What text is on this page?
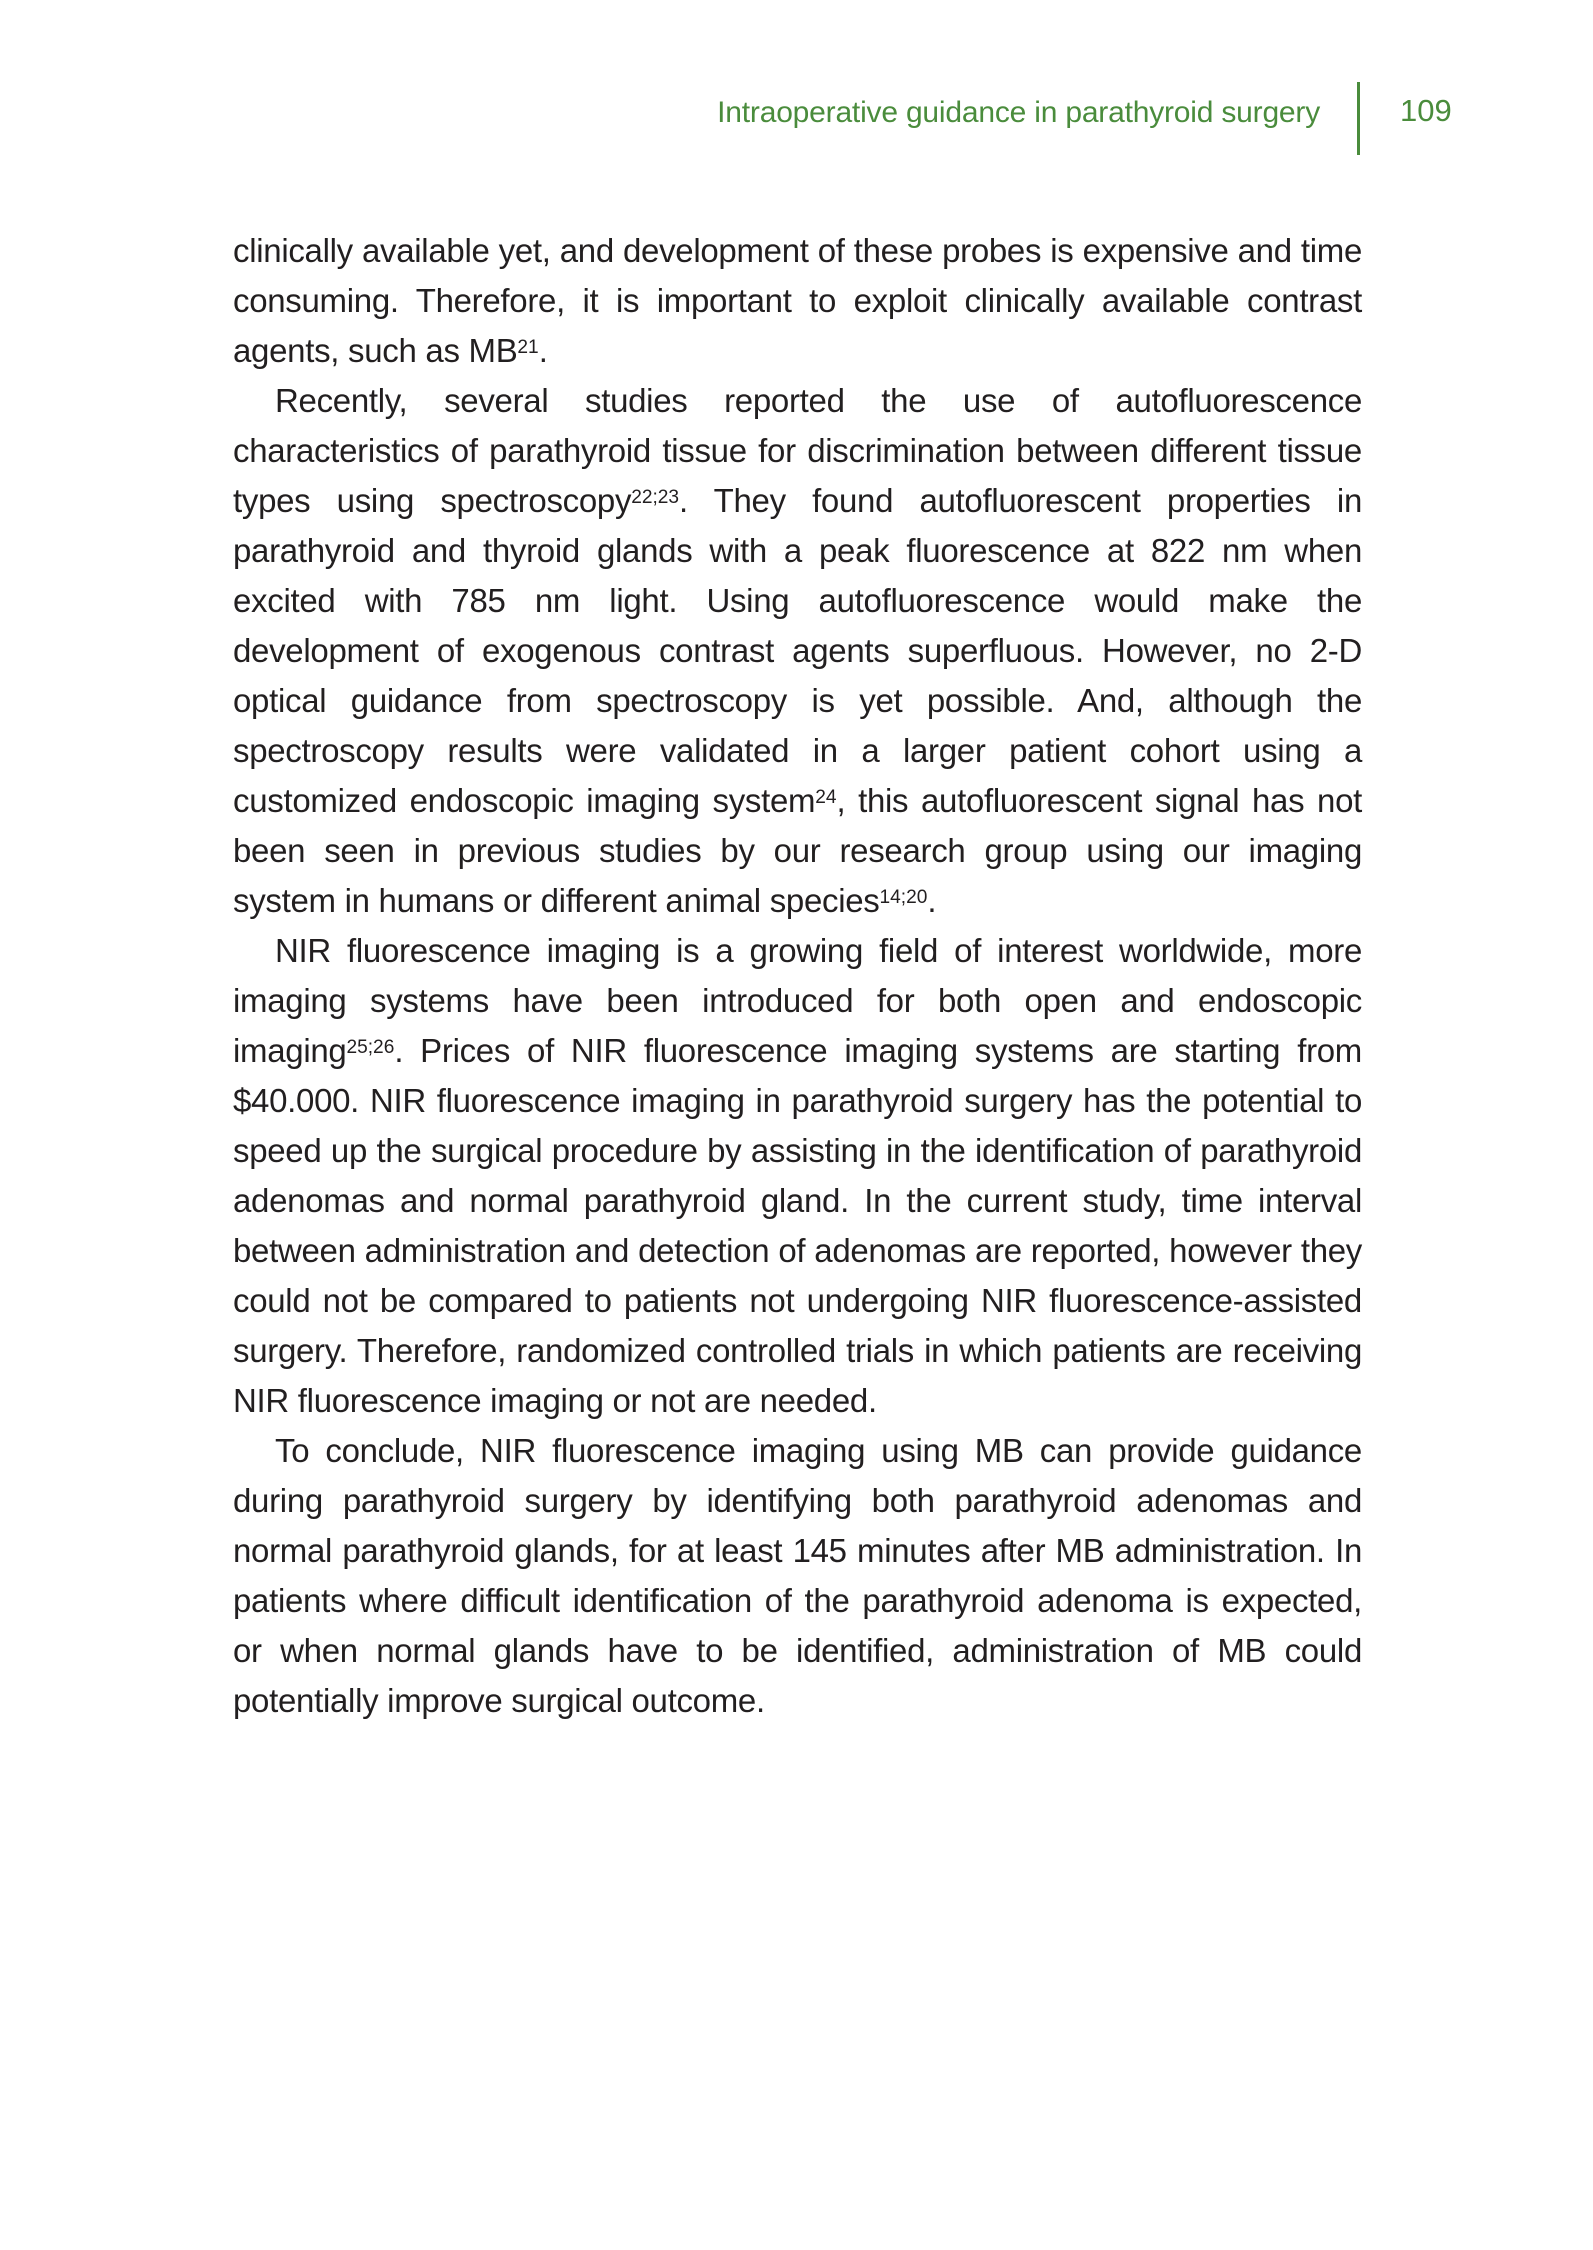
Intraoperative guidance in parathyroid surgery	109

clinically available yet, and development of these probes is expensive and time consuming. Therefore, it is important to exploit clinically available contrast agents, such as MB$^{21}$.

Recently, several studies reported the use of autofluorescence characteristics of parathyroid tissue for discrimination between different tissue types using spectroscopy$^{22;23}$. They found autofluorescent properties in parathyroid and thyroid glands with a peak fluorescence at 822 nm when excited with 785 nm light. Using autofluorescence would make the development of exogenous contrast agents superfluous. However, no 2-D optical guidance from spectroscopy is yet possible. And, although the spectroscopy results were validated in a larger patient cohort using a customized endoscopic imaging system$^{24}$, this autofluorescent signal has not been seen in previous studies by our research group using our imaging system in humans or different animal species$^{14;20}$.

NIR fluorescence imaging is a growing field of interest worldwide, more imaging systems have been introduced for both open and endoscopic imaging$^{25;26}$. Prices of NIR fluorescence imaging systems are starting from $40.000. NIR fluorescence imaging in parathyroid surgery has the potential to speed up the surgical procedure by assisting in the identification of parathyroid adenomas and normal parathyroid gland. In the current study, time interval between administration and detection of adenomas are reported, however they could not be compared to patients not undergoing NIR fluorescence-assisted surgery. Therefore, randomized controlled trials in which patients are receiving NIR fluorescence imaging or not are needed.

To conclude, NIR fluorescence imaging using MB can provide guidance during parathyroid surgery by identifying both parathyroid adenomas and normal parathyroid glands, for at least 145 minutes after MB administration. In patients where difficult identification of the parathyroid adenoma is expected, or when normal glands have to be identified, administration of MB could potentially improve surgical outcome.
